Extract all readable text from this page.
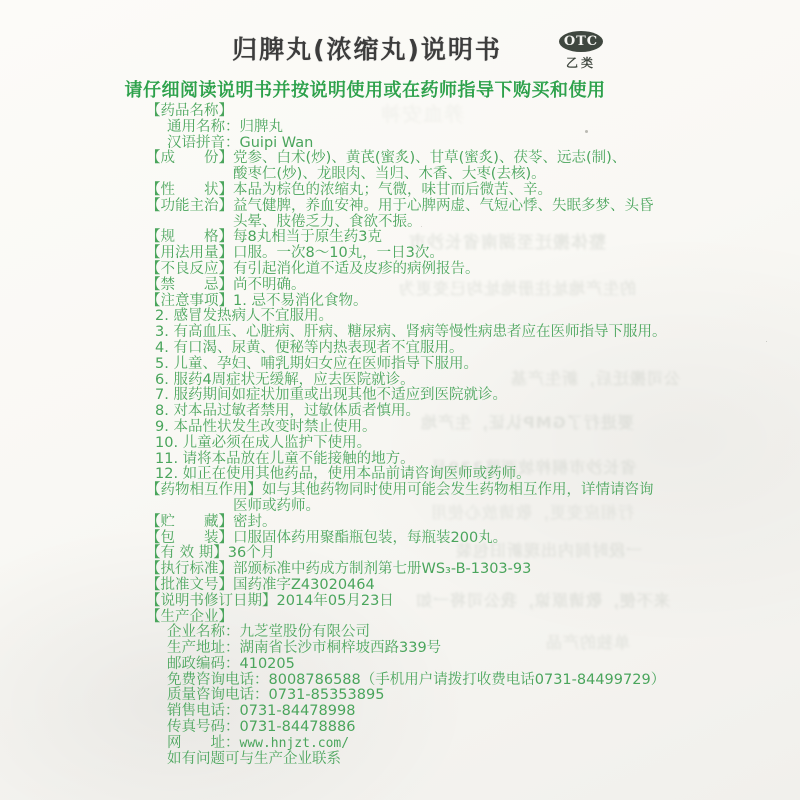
归脾丸(浓缩丸)说明书	OTC
乙类
请仔细阅读说明书并按说明使用或在药师指导下购买和使用
【药品名称】
通用名称：归脾丸
汉语拼音：Guipi Wan
【成　　份】党参、白术(炒)、黄芪(蜜炙)、甘草(蜜炙)、茯苓、远志(制)、
酸枣仁(炒)、龙眼肉、当归、木香、大枣(去核)。
【性　　状】本品为棕色的浓缩丸；气微，味甘而后微苦、辛。
【功能主治】益气健脾，养血安神。用于心脾两虚、气短心悸、失眠多梦、头昏
头晕、肢倦乏力、食欲不振。
【规　　格】每8丸相当于原生药3克
【用法用量】口服。一次8～10丸，一日3次。
【不良反应】有引起消化道不适及皮疹的病例报告。
【禁　　忌】尚不明确。
【注意事项】1. 忌不易消化食物。
2. 感冒发热病人不宜服用。
3. 有高血压、心脏病、肝病、糖尿病、肾病等慢性病患者应在医师指导下服用。
4. 有口渴、尿黄、便秘等内热表现者不宜服用。
5. 儿童、孕妇、哺乳期妇女应在医师指导下服用。
6. 服药4周症状无缓解，应去医院就诊。
7. 服药期间如症状加重或出现其他不适应到医院就诊。
8. 对本品过敏者禁用，过敏体质者慎用。
9. 本品性状发生改变时禁止使用。
10. 儿童必须在成人监护下使用。
11. 请将本品放在儿童不能接触的地方。
12. 如正在使用其他药品，使用本品前请咨询医师或药师。
【药物相互作用】如与其他药物同时使用可能会发生药物相互作用，详情请咨询
医师或药师。
【贮　　藏】密封。
【包　　装】口服固体药用聚酯瓶包装，每瓶装200丸。
【有 效 期】36个月
【执行标准】部颁标准中药成方制剂第七册WS₃-B-1303-93
【批准文号】国药准字Z43020464
【说明书修订日期】2014年05月23日
【生产企业】
企业名称：九芝堂股份有限公司
生产地址：湖南省长沙市桐梓坡西路339号
邮政编码：410205
免费咨询电话：8008786588（手机用户请拨打收费电话0731-84499729）
质量咨询电话：0731-85353895
销售电话：0731-84478998
传真号码：0731-84478886
网　　址：www.hnjzt.com/
如有问题可与生产企业联系
养血安神
整体搬迁至湖南省长沙市
的生产地址注册地址均已变更为
公司搬迁后，新生产基
要进行了GMP认证，生产地
省长沙市桐梓坡西路339号
行相应变更，敬请放心使用
一段时间内出现新旧包装
来不便，敬请原谅，我公司将一如
单独的产品
